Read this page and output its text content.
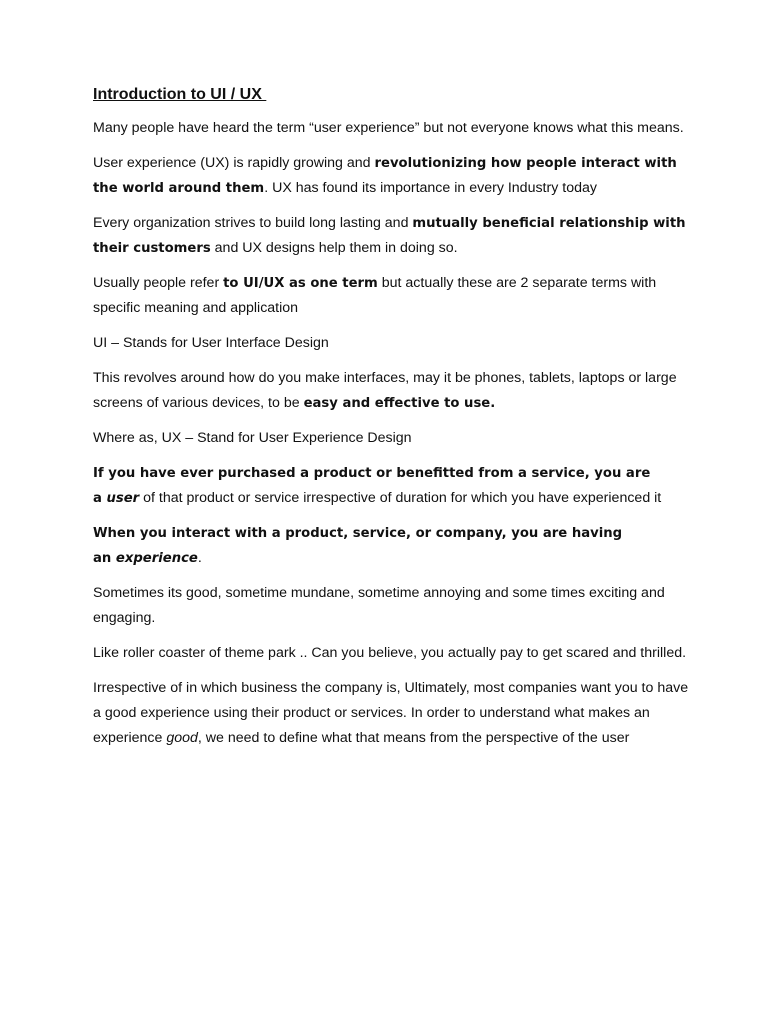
Introduction to UI / UX

Many people have heard the term “user experience” but not everyone knows what this means.

User experience (UX) is rapidly growing and revolutionizing how people interact with the world around them. UX has found its importance in every Industry today

Every organization strives to build long lasting and mutually beneficial relationship with their customers and UX designs help them in doing so.

Usually people refer to UI/UX as one term but actually these are 2 separate terms with specific meaning and application

UI – Stands for User Interface Design

This revolves around how do you make interfaces, may it be phones, tablets, laptops or large screens of various devices, to be easy and effective to use.

Where as, UX – Stand for User Experience Design

If you have ever purchased a product or benefitted from a service, you are
a user of that product or service irrespective of duration for which you have experienced it

When you interact with a product, service, or company, you are having
an experience.

Sometimes its good, sometime mundane, sometime annoying and some times exciting and engaging.

Like roller coaster of theme park .. Can you believe, you actually pay to get scared and thrilled.

Irrespective of in which business the company is, Ultimately, most companies want you to have a good experience using their product or services. In order to understand what makes an experience good, we need to define what that means from the perspective of the user
